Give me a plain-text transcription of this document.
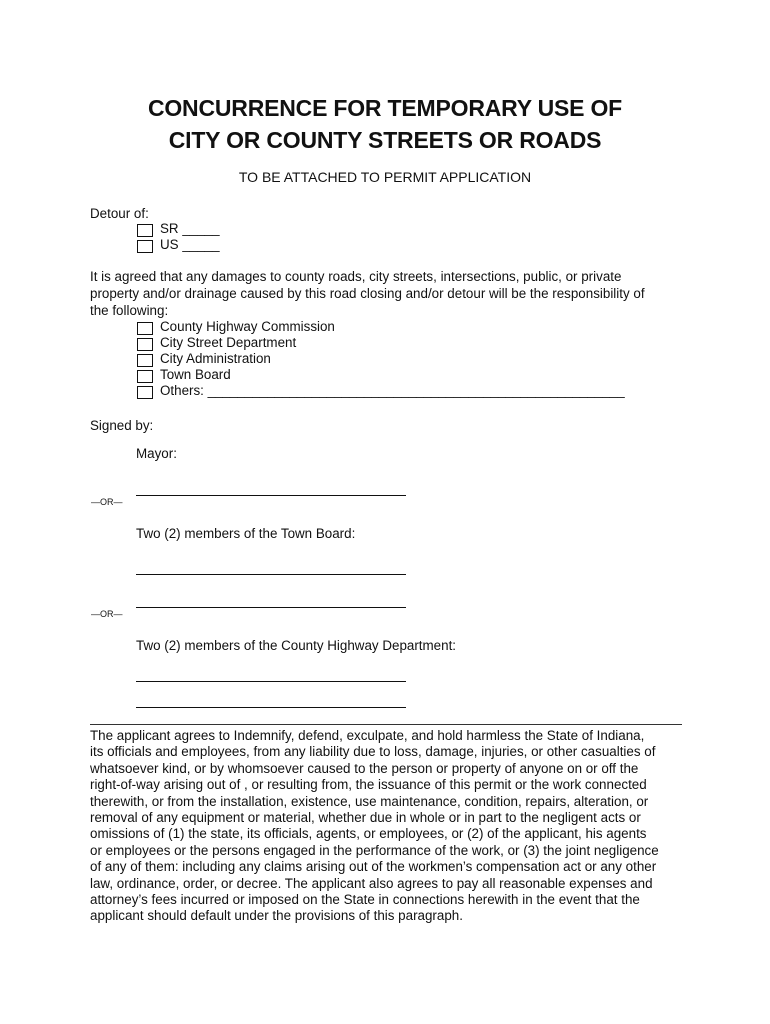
CONCURRENCE FOR TEMPORARY USE OF
CITY OR COUNTY STREETS OR ROADS
TO BE ATTACHED TO PERMIT APPLICATION
Detour of:
SR _____
US _____
It is agreed that any damages to county roads, city streets, intersections, public, or private
property and/or drainage caused by this road closing and/or detour will be the responsibility of
the following:
County Highway Commission
City Street Department
City Administration
Town Board
Others: ________________________________________________________
Signed by:
Mayor:
—OR—
Two (2) members of the Town Board:
—OR—
Two (2) members of the County Highway Department:
The applicant agrees to Indemnify, defend, exculpate, and hold harmless the State of Indiana,
its officials and employees, from any liability due to loss, damage, injuries, or other casualties of
whatsoever kind, or by whomsoever caused to the person or property of anyone on or off the
right-of-way arising out of , or resulting from, the issuance of this permit or the work connected
therewith, or from the installation, existence, use maintenance, condition, repairs, alteration, or
removal of any equipment or material, whether due in whole or in part to the negligent acts or
omissions of (1) the state, its officials, agents, or employees, or (2) of the applicant, his agents
or employees or the persons engaged in the performance of the work, or (3) the joint negligence
of any of them: including any claims arising out of the workmen’s compensation act or any other
law, ordinance, order, or decree. The applicant also agrees to pay all reasonable expenses and
attorney’s fees incurred or imposed on the State in connections herewith in the event that the
applicant should default under the provisions of this paragraph.
